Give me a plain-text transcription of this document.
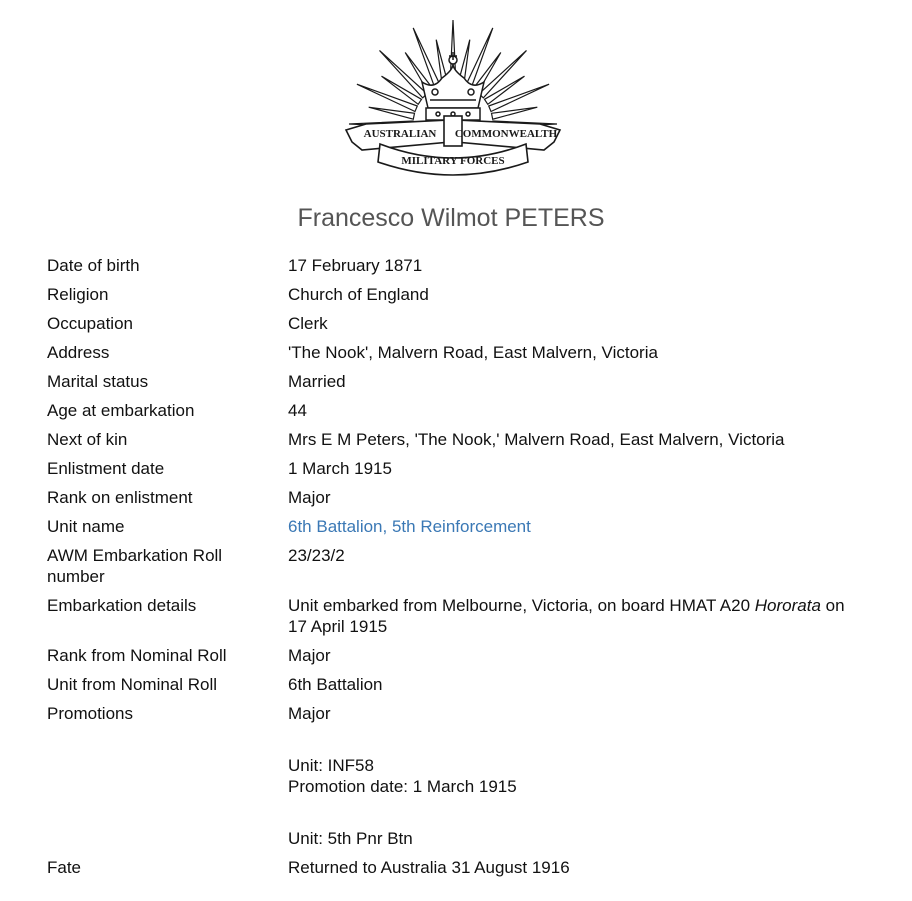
AUSTRALIAN COMMONWEALTH
MILITARY FORCES
Francesco Wilmot PETERS
Date of birth	17 February 1871
Religion	Church of England
Occupation	Clerk
Address	'The Nook', Malvern Road, East Malvern, Victoria
Marital status	Married
Age at embarkation	44
Next of kin	Mrs E M Peters, 'The Nook,' Malvern Road, East Malvern, Victoria
Enlistment date	1 March 1915
Rank on enlistment	Major
Unit name	6th Battalion, 5th Reinforcement
AWM Embarkation Roll number	23/23/2
Embarkation details	Unit embarked from Melbourne, Victoria, on board HMAT A20 Hororata on 17 April 1915
Rank from Nominal Roll	Major
Unit from Nominal Roll	6th Battalion
Promotions	Major
Unit: INF58
Promotion date: 1 March 1915
Unit: 5th Pnr Btn

Fate	Returned to Australia 31 August 1916
